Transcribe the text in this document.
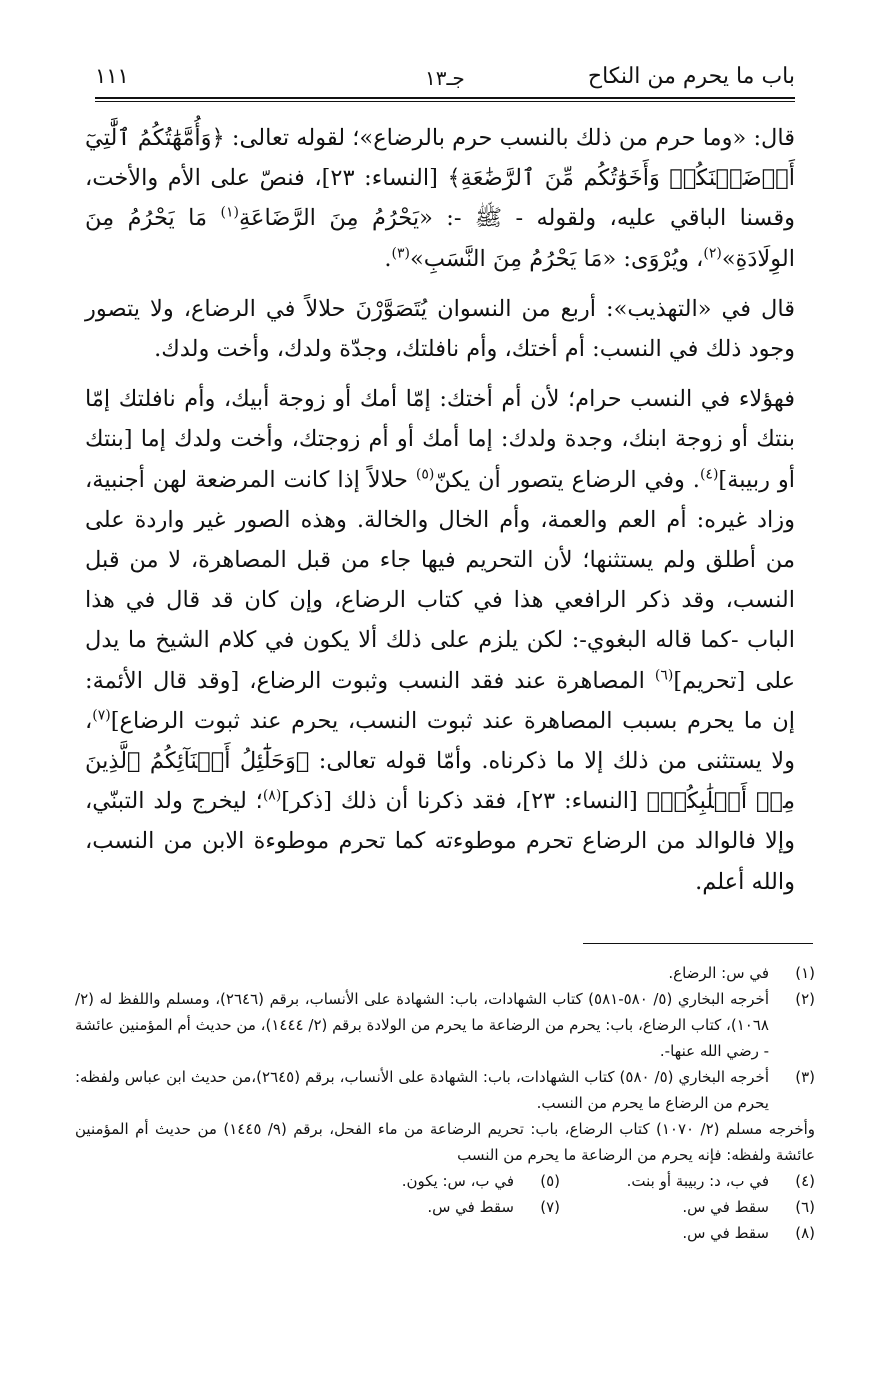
باب ما يحرم من النكاح
جـ١٣
١١١

قال: «وما حرم من ذلك بالنسب حرم بالرضاع»؛ لقوله تعالى: ﴿وَأُمَّهَٰتُكُمُ ٱلَّٰتِيٓ أَرۡضَعۡنَكُمۡ وَأَخَوَٰتُكُم مِّنَ ٱلرَّضَٰعَةِ﴾ [النساء: ٢٣]، فنصّ على الأم والأخت، وقسنا الباقي عليه، ولقوله - ﷺ -: «يَحْرُمُ مِنَ الرَّضَاعَةِ$^{(١)}$ مَا يَحْرُمُ مِنَ الوِلَادَةِ»$^{(٢)}$، ويُرْوَى: «مَا يَحْرُمُ مِنَ النَّسَبِ»$^{(٣)}$.

قال في «التهذيب»: أربع من النسوان يُتَصَوَّرْنَ حلالاً في الرضاع، ولا يتصور وجود ذلك في النسب: أم أختك، وأم نافلتك، وجدّة ولدك، وأخت ولدك.

فهؤلاء في النسب حرام؛ لأن أم أختك: إمّا أمك أو زوجة أبيك، وأم نافلتك إمّا بنتك أو زوجة ابنك، وجدة ولدك: إما أمك أو أم زوجتك، وأخت ولدك إما [بنتك أو ربيبة]$^{(٤)}$. وفي الرضاع يتصور أن يكنّ$^{(٥)}$ حلالاً إذا كانت المرضعة لهن أجنبية، وزاد غيره: أم العم والعمة، وأم الخال والخالة. وهذه الصور غير واردة على من أطلق ولم يستثنها؛ لأن التحريم فيها جاء من قبل المصاهرة، لا من قبل النسب، وقد ذكر الرافعي هذا في كتاب الرضاع، وإن كان قد قال في هذا الباب -كما قاله البغوي-: لكن يلزم على ذلك ألا يكون في كلام الشيخ ما يدل على [تحريم]$^{(٦)}$ المصاهرة عند فقد النسب وثبوت الرضاع، [وقد قال الأئمة: إن ما يحرم بسبب المصاهرة عند ثبوت النسب، يحرم عند ثبوت الرضاع]$^{(٧)}$، ولا يستثنى من ذلك إلا ما ذكرناه. وأمّا قوله تعالى: ﴿وَحَلَٰٓئِلُ أَبۡنَآئِكُمُ ٱلَّذِينَ مِنۡ أَصۡلَٰبِكُمۡ﴾ [النساء: ٢٣]، فقد ذكرنا أن ذلك [ذكر]$^{(٨)}$؛ ليخرج ولد التبنّي، وإلا فالوالد من الرضاع تحرم موطوءته كما تحرم موطوءة الابن من النسب، والله أعلم.

(١)
في س: الرضاع.
(٢)
أخرجه البخاري (٥/ ٥٨٠-٥٨١) كتاب الشهادات، باب: الشهادة على الأنساب، برقم (٢٦٤٦)، ومسلم واللفظ له (٢/ ١٠٦٨)، كتاب الرضاع، باب: يحرم من الرضاعة ما يحرم من الولادة برقم (٢/ ١٤٤٤)، من حديث أم المؤمنين عائشة - رضي الله عنها-.
(٣)
أخرجه البخاري (٥/ ٥٨٠) كتاب الشهادات، باب: الشهادة على الأنساب، برقم (٢٦٤٥)،من حديث ابن عباس ولفظه: يحرم من الرضاع ما يحرم من النسب.
وأخرجه مسلم (٢/ ١٠٧٠) كتاب الرضاع، باب: تحريم الرضاعة من ماء الفحل، برقم (٩/ ١٤٤٥) من حديث أم المؤمنين عائشة ولفظه: فإنه يحرم من الرضاعة ما يحرم من النسب
(٤)
في ب، د: ربيبة أو بنت.
(٥)
في ب، س: يكون.
(٦)
سقط في س.
(٧)
سقط في س.
(٨)
سقط في س.
